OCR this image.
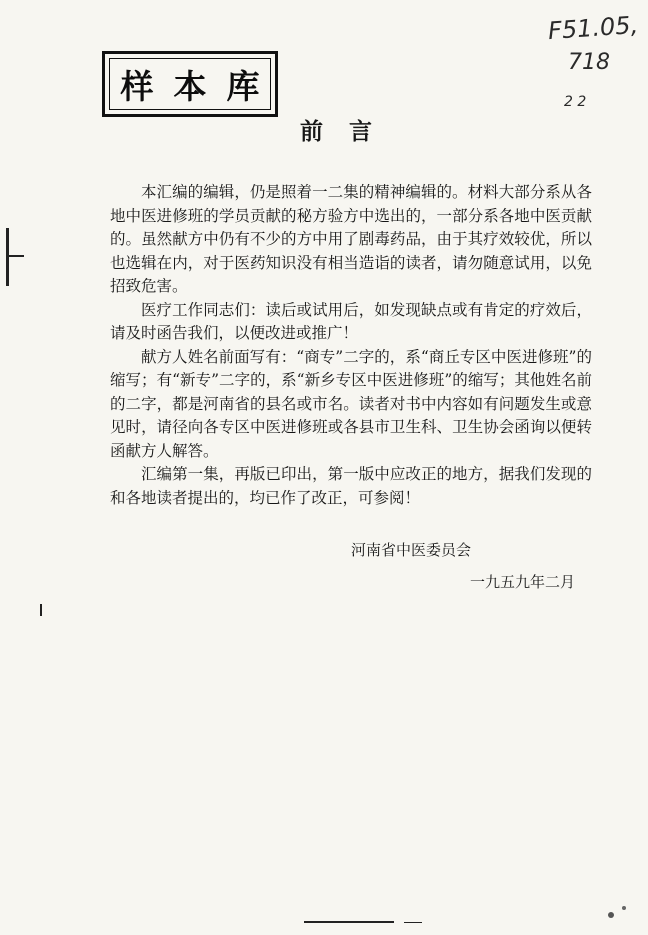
样本库
F51.05,
718
2 2
前言

本汇编的编辑，仍是照着一二集的精神编辑的。材料大部分系从各地中医进修班的学员贡献的秘方验方中选出的，一部分系各地中医贡献的。虽然献方中仍有不少的方中用了剧毒药品，由于其疗效较优，所以也选辑在内，对于医药知识没有相当造诣的读者，请勿随意试用，以免招致危害。

医疗工作同志们：读后或试用后，如发现缺点或有肯定的疗效后，请及时函告我们，以便改进或推广！

献方人姓名前面写有：“商专”二字的，系“商丘专区中医进修班”的缩写；有“新专”二字的，系“新乡专区中医进修班”的缩写；其他姓名前的二字，都是河南省的县名或市名。读者对书中内容如有问题发生或意见时，请径向各专区中医进修班或各县市卫生科、卫生协会函询以便转函献方人解答。

汇编第一集，再版已印出，第一版中应改正的地方，据我们发现的和各地读者提出的，均已作了改正，可参阅！

河南省中医委员会
一九五九年二月
